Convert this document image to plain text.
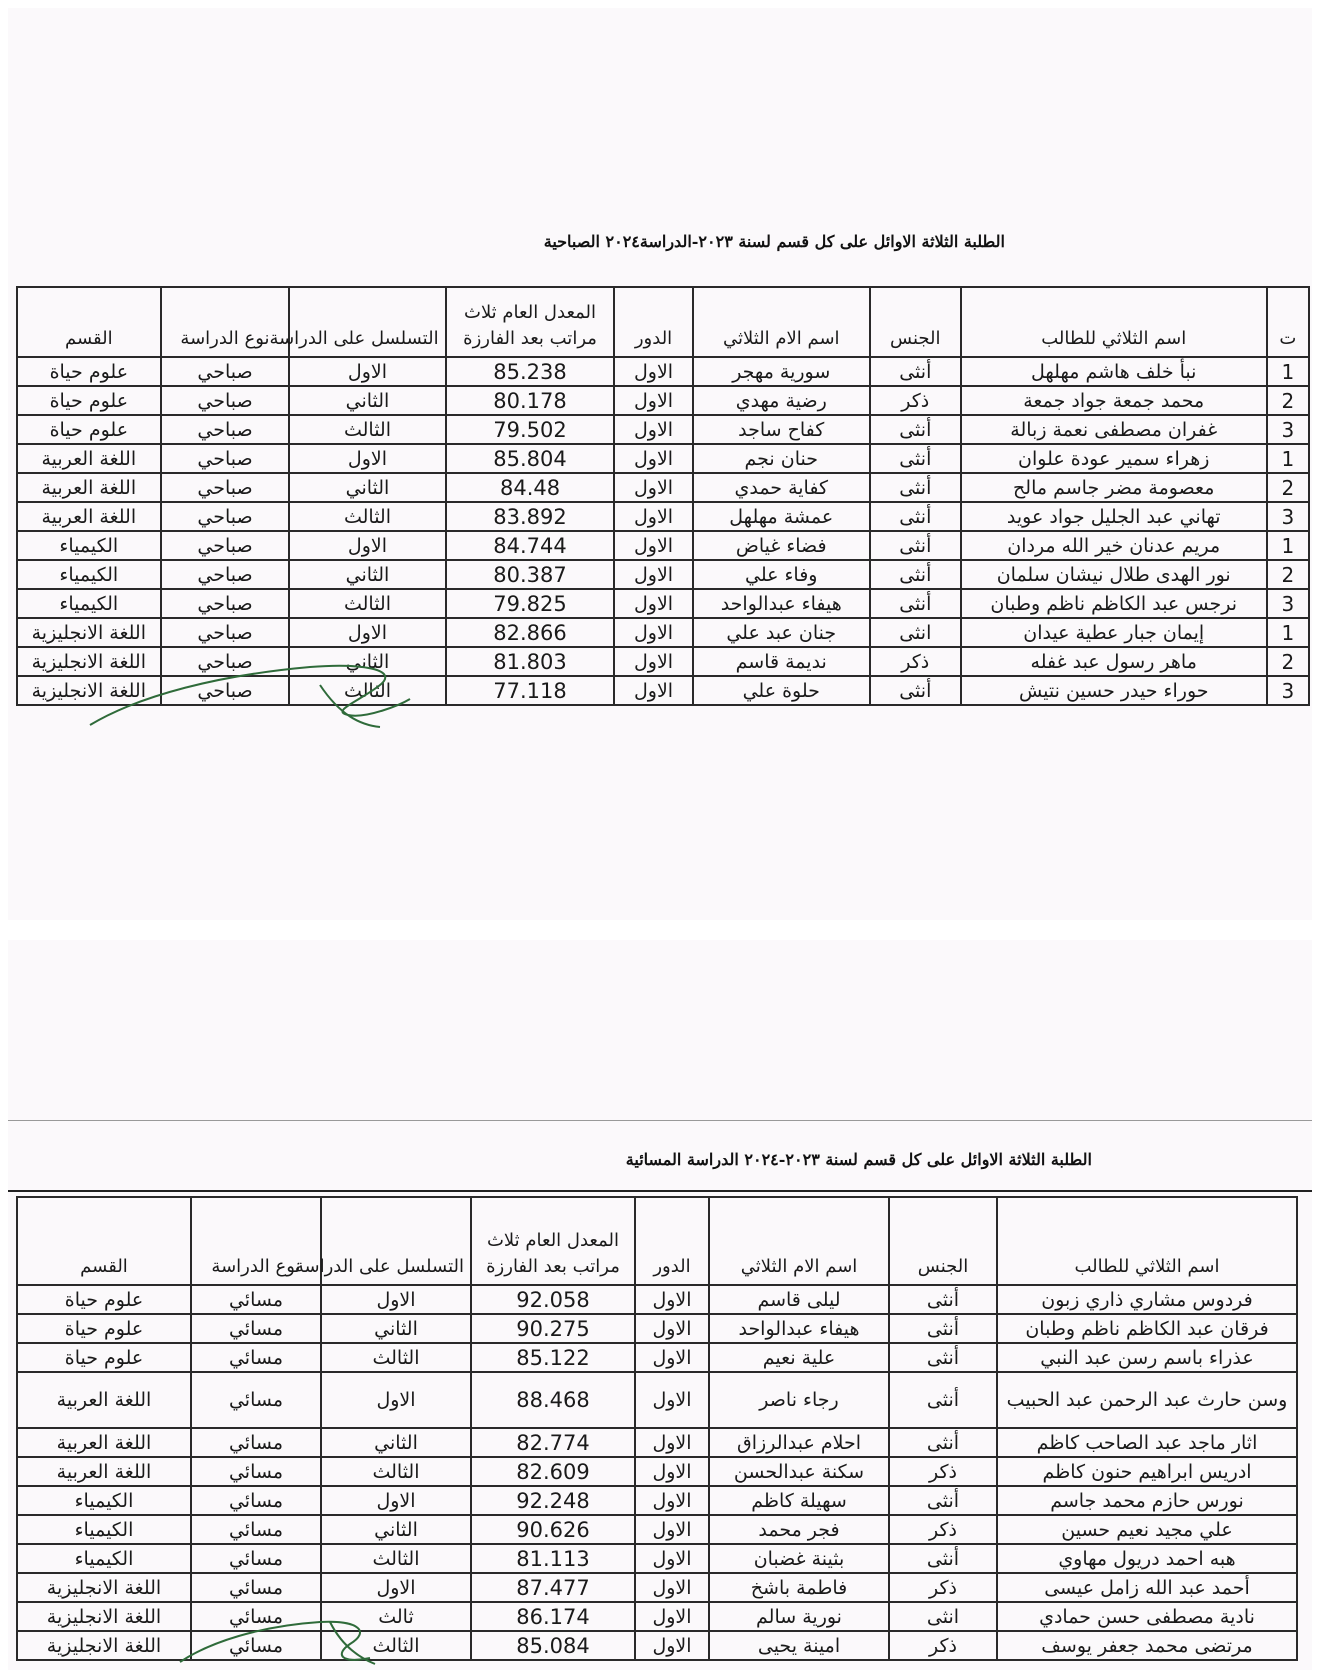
الطلبة الثلاثة الاوائل على كل قسم لسنة ٢٠٢٣-الدراسة٢٠٢٤ الصباحية
ت	اسم الثلاثي للطالب	الجنس	اسم الام الثلاثي	الدور	المعدل العام ثلاث
مراتب بعد الفارزة	التسلسل على الدراسة	نوع الدراسة	القسم
1	نبأ خلف هاشم مهلهل	أنثى	سورية مهجر	الاول	85.238	الاول	صباحي	علوم حياة
2	محمد جمعة جواد جمعة	ذكر	رضية مهدي	الاول	80.178	الثاني	صباحي	علوم حياة
3	غفران مصطفى نعمة زبالة	أنثى	كفاح ساجد	الاول	79.502	الثالث	صباحي	علوم حياة
1	زهراء سمير عودة علوان	أنثى	حنان نجم	الاول	85.804	الاول	صباحي	اللغة العربية
2	معصومة مضر جاسم مالح	أنثى	كفاية حمدي	الاول	84.48	الثاني	صباحي	اللغة العربية
3	تهاني عبد الجليل جواد عويد	أنثى	عمشة مهلهل	الاول	83.892	الثالث	صباحي	اللغة العربية
1	مريم عدنان خير الله مردان	أنثى	فضاء غياض	الاول	84.744	الاول	صباحي	الكيمياء
2	نور الهدى طلال نيشان سلمان	أنثى	وفاء علي	الاول	80.387	الثاني	صباحي	الكيمياء
3	نرجس عبد الكاظم ناظم وطبان	أنثى	هيفاء عبدالواحد	الاول	79.825	الثالث	صباحي	الكيمياء
1	إيمان جبار عطية عيدان	انثى	جنان عبد علي	الاول	82.866	الاول	صباحي	اللغة الانجليزية
2	ماهر رسول عبد غفله	ذكر	نديمة قاسم	الاول	81.803	الثاني	صباحي	اللغة الانجليزية
3	حوراء حيدر حسين نتيش	أنثى	حلوة علي	الاول	77.118	الثالث	صباحي	اللغة الانجليزية
الطلبة الثلاثة الاوائل على كل قسم لسنة ٢٠٢٣-٢٠٢٤ الدراسة المسائية
اسم الثلاثي للطالب	الجنس	اسم الام الثلاثي	الدور	المعدل العام ثلاث
مراتب بعد الفارزة	التسلسل على الدراسة	نوع الدراسة	القسم
فردوس مشاري ذاري زبون	أنثى	ليلى قاسم	الاول	92.058	الاول	مسائي	علوم حياة
فرقان عبد الكاظم ناظم وطبان	أنثى	هيفاء عبدالواحد	الاول	90.275	الثاني	مسائي	علوم حياة
عذراء باسم رسن عبد النبي	أنثى	علية نعيم	الاول	85.122	الثالث	مسائي	علوم حياة
وسن حارث عبد الرحمن عبد الحبيب	أنثى	رجاء ناصر	الاول	88.468	الاول	مسائي	اللغة العربية
اثار ماجد عبد الصاحب كاظم	أنثى	احلام عبدالرزاق	الاول	82.774	الثاني	مسائي	اللغة العربية
ادريس ابراهيم حنون كاظم	ذكر	سكنة عبدالحسن	الاول	82.609	الثالث	مسائي	اللغة العربية
نورس حازم محمد جاسم	أنثى	سهيلة كاظم	الاول	92.248	الاول	مسائي	الكيمياء
علي مجيد نعيم حسين	ذكر	فجر محمد	الاول	90.626	الثاني	مسائي	الكيمياء
هبه احمد دريول مهاوي	أنثى	بثينة غضبان	الاول	81.113	الثالث	مسائي	الكيمياء
أحمد عبد الله زامل عيسى	ذكر	فاطمة باشخ	الاول	87.477	الاول	مسائي	اللغة الانجليزية
نادية مصطفى حسن حمادي	انثى	نورية سالم	الاول	86.174	ثالث	مسائي	اللغة الانجليزية
مرتضى محمد جعفر يوسف	ذكر	امينة يحيى	الاول	85.084	الثالث	مسائي	اللغة الانجليزية
